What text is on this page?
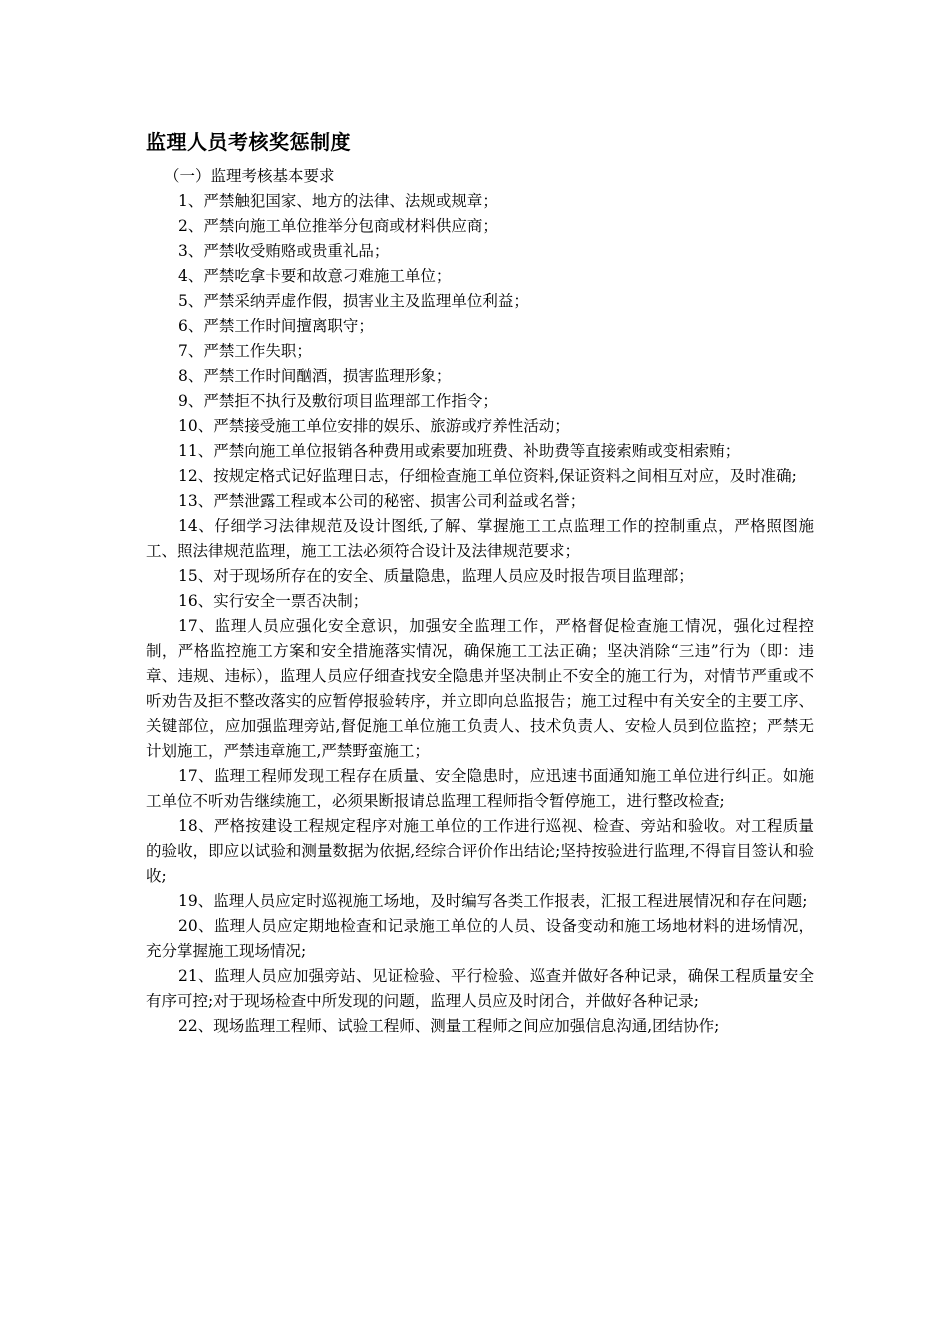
监理人员考核奖惩制度

（一）监理考核基本要求

1、严禁触犯国家、地方的法律、法规或规章；

2、严禁向施工单位推举分包商或材料供应商；

3、严禁收受贿赂或贵重礼品；

4、严禁吃拿卡要和故意刁难施工单位；

5、严禁采纳弄虚作假，损害业主及监理单位利益；

6、严禁工作时间擅离职守；

7、严禁工作失职；

8、严禁工作时间酗酒，损害监理形象；

9、严禁拒不执行及敷衍项目监理部工作指令；

10、严禁接受施工单位安排的娱乐、旅游或疗养性活动；

11、严禁向施工单位报销各种费用或索要加班费、补助费等直接索贿或变相索贿；

12、按规定格式记好监理日志，仔细检查施工单位资料,保证资料之间相互对应，及时准确;

13、严禁泄露工程或本公司的秘密、损害公司利益或名誉；

14、仔细学习法律规范及设计图纸,了解、掌握施工工点监理工作的控制重点，严格照图施工、照法律规范监理，施工工法必须符合设计及法律规范要求；

15、对于现场所存在的安全、质量隐患，监理人员应及时报告项目监理部；

16、实行安全一票否决制；

17、监理人员应强化安全意识，加强安全监理工作，严格督促检查施工情况，强化过程控制，严格监控施工方案和安全措施落实情况，确保施工工法正确；坚决消除“三违”行为（即：违章、违规、违标），监理人员应仔细查找安全隐患并坚决制止不安全的施工行为，对情节严重或不听劝告及拒不整改落实的应暂停报验转序，并立即向总监报告；施工过程中有关安全的主要工序、关键部位，应加强监理旁站,督促施工单位施工负责人、技术负责人、安检人员到位监控；严禁无计划施工，严禁违章施工,严禁野蛮施工；

17、监理工程师发现工程存在质量、安全隐患时，应迅速书面通知施工单位进行纠正。如施工单位不听劝告继续施工，必须果断报请总监理工程师指令暂停施工，进行整改检查;

18、严格按建设工程规定程序对施工单位的工作进行巡视、检查、旁站和验收。对工程质量的验收，即应以试验和测量数据为依据,经综合评价作出结论;坚持按验进行监理,不得盲目签认和验收;

19、监理人员应定时巡视施工场地，及时编写各类工作报表，汇报工程进展情况和存在问题;

20、监理人员应定期地检查和记录施工单位的人员、设备变动和施工场地材料的进场情况，充分掌握施工现场情况;

21、监理人员应加强旁站、见证检验、平行检验、巡查并做好各种记录，确保工程质量安全有序可控;对于现场检查中所发现的问题，监理人员应及时闭合，并做好各种记录;

22、现场监理工程师、试验工程师、测量工程师之间应加强信息沟通,团结协作;
